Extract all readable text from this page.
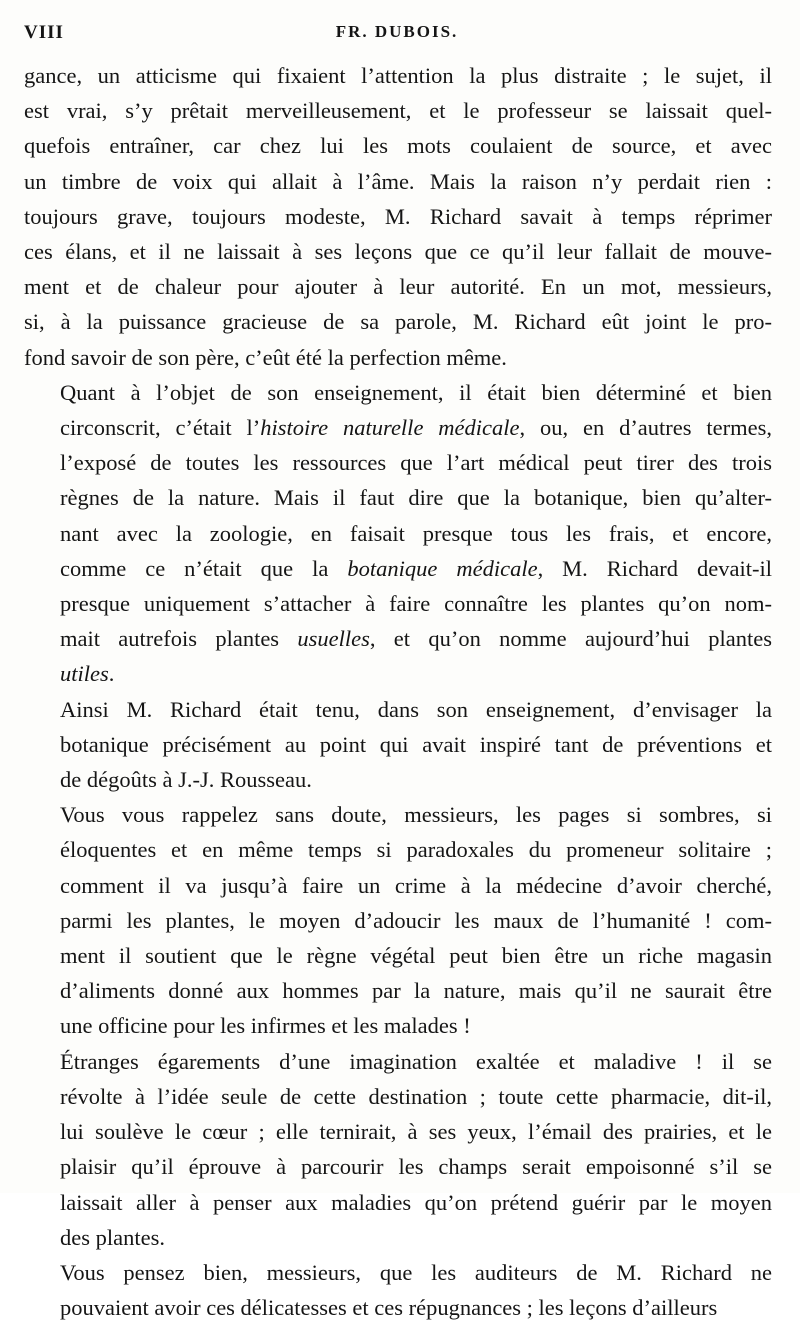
VIII	FR. DUBOIS.

gance, un atticisme qui fixaient l’attention la plus distraite ; le sujet, il
est vrai, s’y prêtait merveilleusement, et le professeur se laissait quel-
quefois entraîner, car chez lui les mots coulaient de source, et avec
un timbre de voix qui allait à l’âme. Mais la raison n’y perdait rien :
toujours grave, toujours modeste, M. Richard savait à temps réprimer
ces élans, et il ne laissait à ses leçons que ce qu’il leur fallait de mouve-
ment et de chaleur pour ajouter à leur autorité. En un mot, messieurs,
si, à la puissance gracieuse de sa parole, M. Richard eût joint le pro-
fond savoir de son père, c’eût été la perfection même.

Quant à l’objet de son enseignement, il était bien déterminé et bien
circonscrit, c’était l’histoire naturelle médicale, ou, en d’autres termes,
l’exposé de toutes les ressources que l’art médical peut tirer des trois
règnes de la nature. Mais il faut dire que la botanique, bien qu’alter-
nant avec la zoologie, en faisait presque tous les frais, et encore,
comme ce n’était que la botanique médicale, M. Richard devait-il
presque uniquement s’attacher à faire connaître les plantes qu’on nom-
mait autrefois plantes usuelles, et qu’on nomme aujourd’hui plantes
utiles.

Ainsi M. Richard était tenu, dans son enseignement, d’envisager la
botanique précisément au point qui avait inspiré tant de préventions et
de dégoûts à J.-J. Rousseau.

Vous vous rappelez sans doute, messieurs, les pages si sombres, si
éloquentes et en même temps si paradoxales du promeneur solitaire ;
comment il va jusqu’à faire un crime à la médecine d’avoir cherché,
parmi les plantes, le moyen d’adoucir les maux de l’humanité ! com-
ment il soutient que le règne végétal peut bien être un riche magasin
d’aliments donné aux hommes par la nature, mais qu’il ne saurait être
une officine pour les infirmes et les malades !

Étranges égarements d’une imagination exaltée et maladive ! il se
révolte à l’idée seule de cette destination ; toute cette pharmacie, dit-il,
lui soulève le cœur ; elle ternirait, à ses yeux, l’émail des prairies, et le
plaisir qu’il éprouve à parcourir les champs serait empoisonné s’il se
laissait aller à penser aux maladies qu’on prétend guérir par le moyen
des plantes.

Vous pensez bien, messieurs, que les auditeurs de M. Richard ne
pouvaient avoir ces délicatesses et ces répugnances ; les leçons d’ailleurs
